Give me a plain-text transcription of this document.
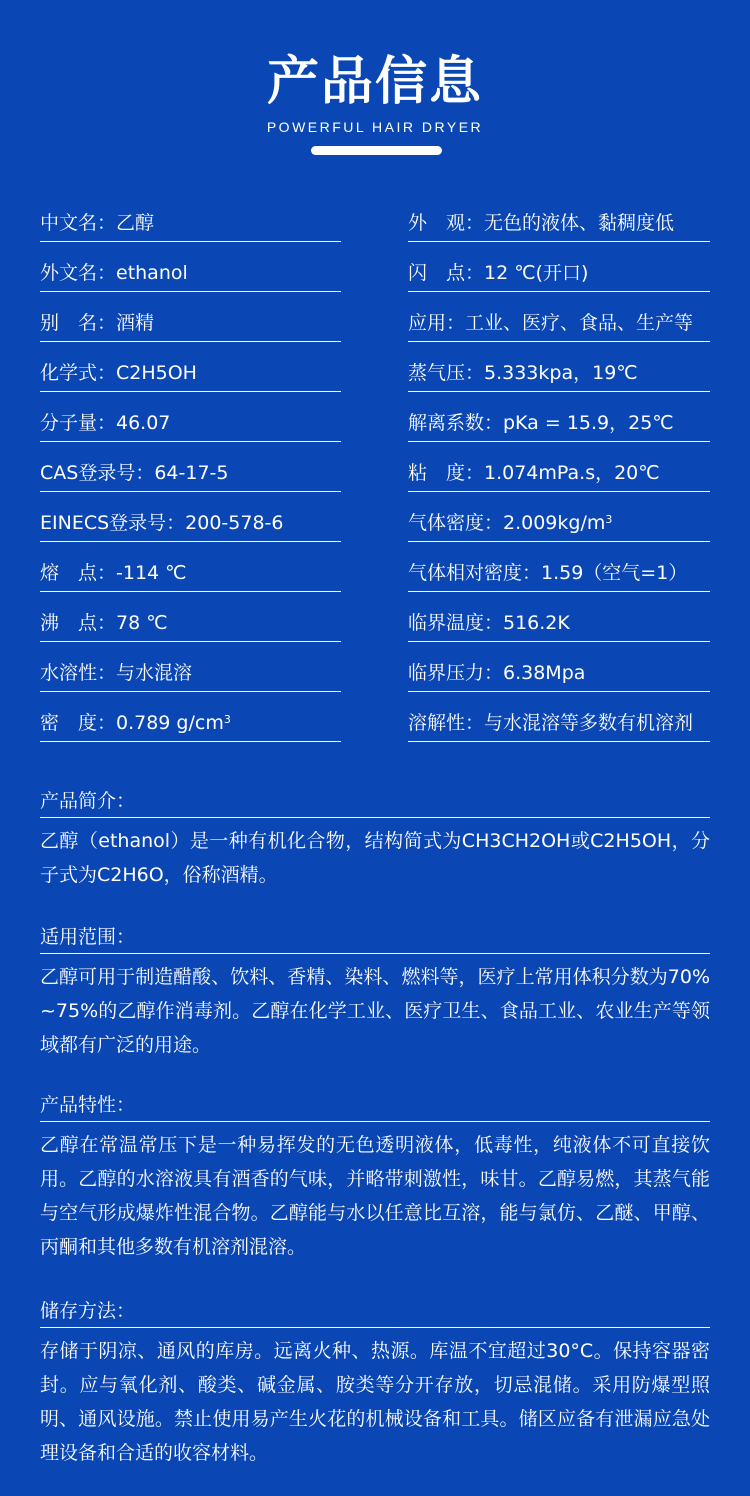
产品信息
POWERFUL HAIR DRYER
中文名：乙醇
外文名：ethanol
别　名：酒精
化学式：C2H5OH
分子量：46.07
CAS登录号：64-17-5
EINECS登录号：200-578-6
熔　点：-114 ℃
沸　点：78 ℃
水溶性：与水混溶
密　度：0.789 $g/cm^3$
外　观：无色的液体、黏稠度低
闪　点：12 ℃(开口)
应用：工业、医疗、食品、生产等
蒸气压：5.333kpa，19℃
解离系数：pKa = 15.9，25℃
粘　度：1.074mPa.s，20℃
气体密度：$2.009kg/m^3$
气体相对密度：1.59（空气=1）
临界温度：516.2K
临界压力：6.38Mpa
溶解性：与水混溶等多数有机溶剂
产品简介：
乙醇（ethanol）是一种有机化合物，结构简式为CH3CH2OH或C2H5OH，分子式为C2H6O，俗称酒精。
适用范围：
乙醇可用于制造醋酸、饮料、香精、染料、燃料等，医疗上常用体积分数为70%~75%的乙醇作消毒剂。乙醇在化学工业、医疗卫生、食品工业、农业生产等领域都有广泛的用途。
产品特性：
乙醇在常温常压下是一种易挥发的无色透明液体，低毒性，纯液体不可直接饮用。乙醇的水溶液具有酒香的气味，并略带刺激性，味甘。乙醇易燃，其蒸气能与空气形成爆炸性混合物。乙醇能与水以任意比互溶，能与氯仿、乙醚、甲醇、丙酮和其他多数有机溶剂混溶。
储存方法：
存储于阴凉、通风的库房。远离火种、热源。库温不宜超过30°C。保持容器密封。应与氧化剂、酸类、碱金属、胺类等分开存放，切忌混储。采用防爆型照明、通风设施。禁止使用易产生火花的机械设备和工具。储区应备有泄漏应急处理设备和合适的收容材料。
